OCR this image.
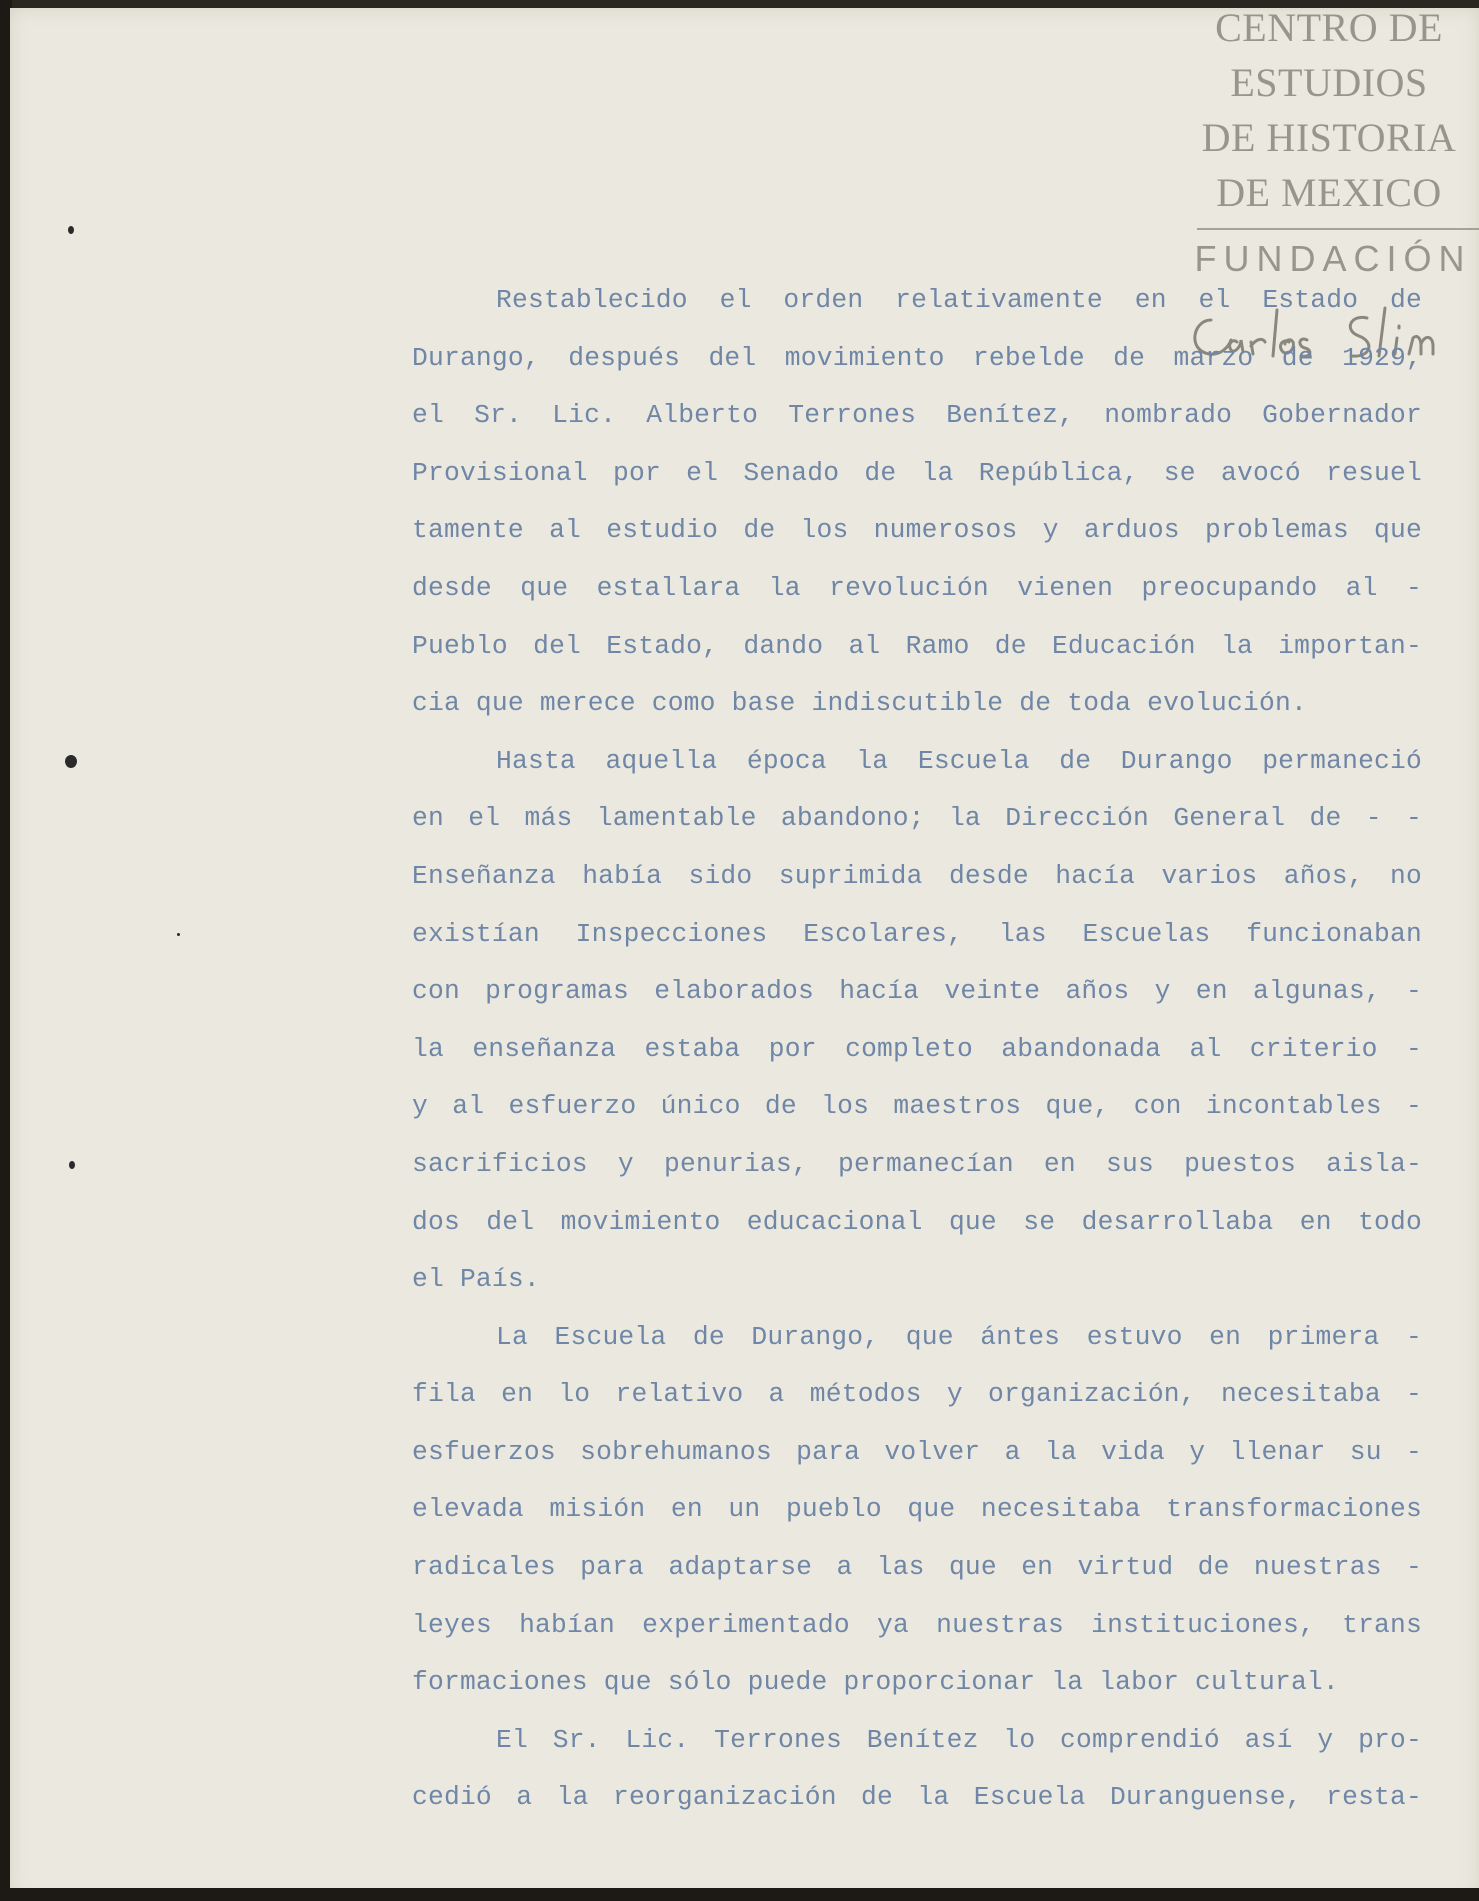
CENTRO DE
ESTUDIOS
DE HISTORIA
DE MEXICO
FUNDACIÓN
Restablecido el orden relativamente en el Estado de
Durango, después del movimiento rebelde de marzo de 1929,
el Sr. Lic. Alberto Terrones Benítez, nombrado Gobernador
Provisional por el Senado de la República, se avocó resuel
tamente al estudio de los numerosos y arduos problemas que
desde que estallara la revolución vienen preocupando al -
Pueblo del Estado, dando al Ramo de Educación la importan-
cia que merece como base indiscutible de toda evolución.
Hasta aquella época la Escuela de Durango permaneció
en el más lamentable abandono; la Dirección General de - -
Enseñanza había sido suprimida desde hacía varios años, no
existían Inspecciones Escolares, las Escuelas funcionaban
con programas elaborados hacía veinte años y en algunas, -
la enseñanza estaba por completo abandonada al criterio -
y al esfuerzo único de los maestros que, con incontables -
sacrificios y penurias, permanecían en sus puestos aisla-
dos del movimiento educacional que se desarrollaba en todo
el País.
La Escuela de Durango, que ántes estuvo en primera -
fila en lo relativo a métodos y organización, necesitaba -
esfuerzos sobrehumanos para volver a la vida y llenar su -
elevada misión en un pueblo que necesitaba transformaciones
radicales para adaptarse a las que en virtud de nuestras -
leyes habían experimentado ya nuestras instituciones, trans
formaciones que sólo puede proporcionar la labor cultural.
El Sr. Lic. Terrones Benítez lo comprendió así y pro-
cedió a la reorganización de la Escuela Duranguense, resta-
